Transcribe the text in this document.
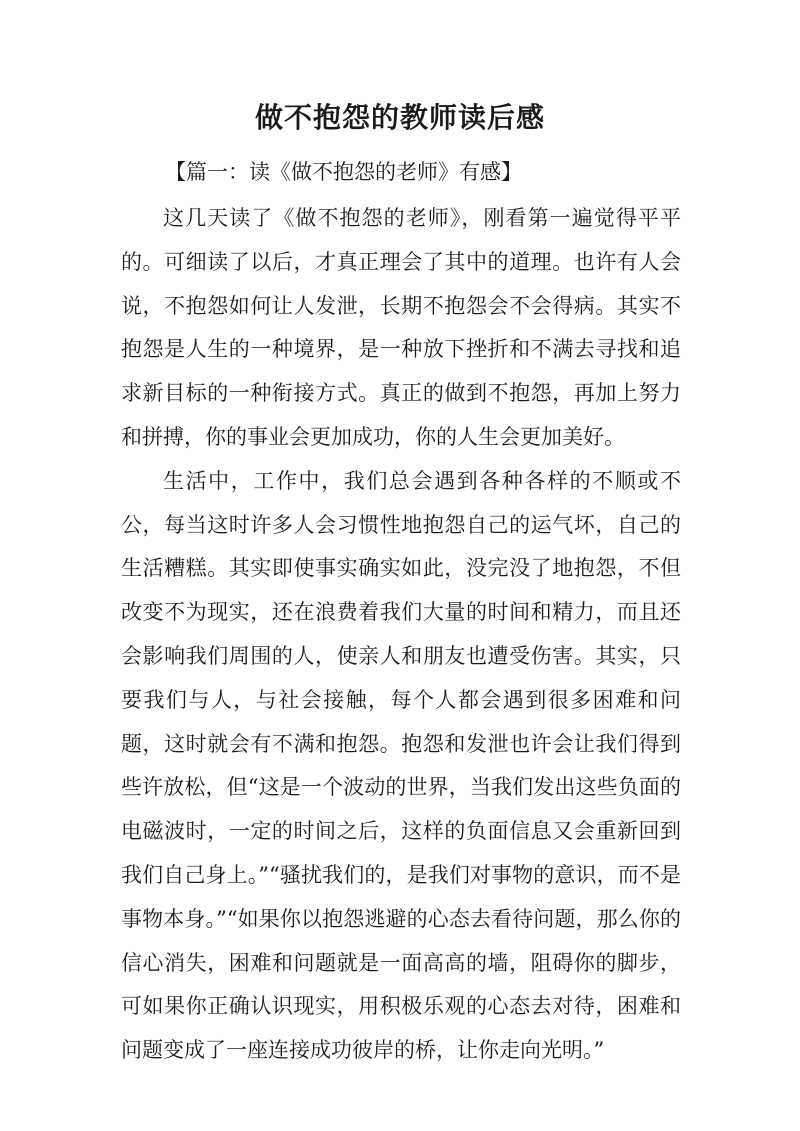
做不抱怨的教师读后感

【篇一：读《做不抱怨的老师》有感】

这几天读了《做不抱怨的老师》，刚看第一遍觉得平平的。可细读了以后，才真正理会了其中的道理。也许有人会说，不抱怨如何让人发泄，长期不抱怨会不会得病。其实不抱怨是人生的一种境界，是一种放下挫折和不满去寻找和追求新目标的一种衔接方式。真正的做到不抱怨，再加上努力和拼搏，你的事业会更加成功，你的人生会更加美好。

生活中，工作中，我们总会遇到各种各样的不顺或不公，每当这时许多人会习惯性地抱怨自己的运气坏，自己的生活糟糕。其实即使事实确实如此，没完没了地抱怨，不但改变不为现实，还在浪费着我们大量的时间和精力，而且还会影响我们周围的人，使亲人和朋友也遭受伤害。其实，只要我们与人，与社会接触，每个人都会遇到很多困难和问题，这时就会有不满和抱怨。抱怨和发泄也许会让我们得到些许放松，但“这是一个波动的世界，当我们发出这些负面的电磁波时，一定的时间之后，这样的负面信息又会重新回到我们自己身上。”“骚扰我们的，是我们对事物的意识，而不是事物本身。”“如果你以抱怨逃避的心态去看待问题，那么你的信心消失，困难和问题就是一面高高的墙，阻碍你的脚步，可如果你正确认识现实，用积极乐观的心态去对待，困难和问题变成了一座连接成功彼岸的桥，让你走向光明。”
